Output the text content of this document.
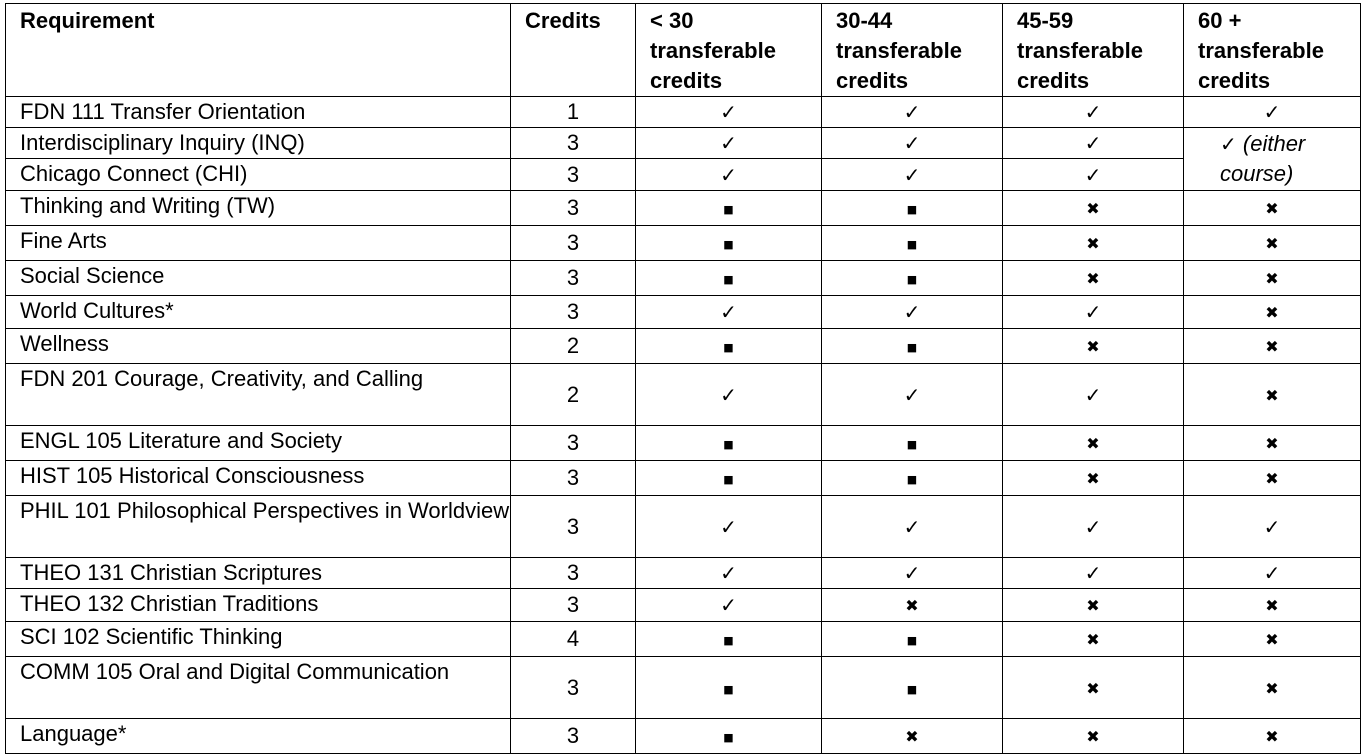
Requirement	Credits	< 30 transferable credits	30-44 transferable credits	45-59 transferable credits	60 + transferable credits
FDN 111 Transfer Orientation	1	✓	✓	✓	✓
Interdisciplinary Inquiry (INQ)	3	✓	✓	✓	✓ (either course)
Chicago Connect (CHI)	3	✓	✓	✓	
Thinking and Writing (TW)	3	■	■	✖	✖
Fine Arts	3	■	■	✖	✖
Social Science	3	■	■	✖	✖
World Cultures*	3	✓	✓	✓	✖
Wellness	2	■	■	✖	✖
FDN 201 Courage, Creativity, and Calling	2	✓	✓	✓	✖
ENGL 105 Literature and Society	3	■	■	✖	✖
HIST 105 Historical Consciousness	3	■	■	✖	✖
PHIL 101 Philosophical Perspectives in Worldview	3	✓	✓	✓	✓
THEO 131 Christian Scriptures	3	✓	✓	✓	✓
THEO 132 Christian Traditions	3	✓	✖	✖	✖
SCI 102 Scientific Thinking	4	■	■	✖	✖
COMM 105 Oral and Digital Communication	3	■	■	✖	✖
Language*	3	■	✖	✖	✖
